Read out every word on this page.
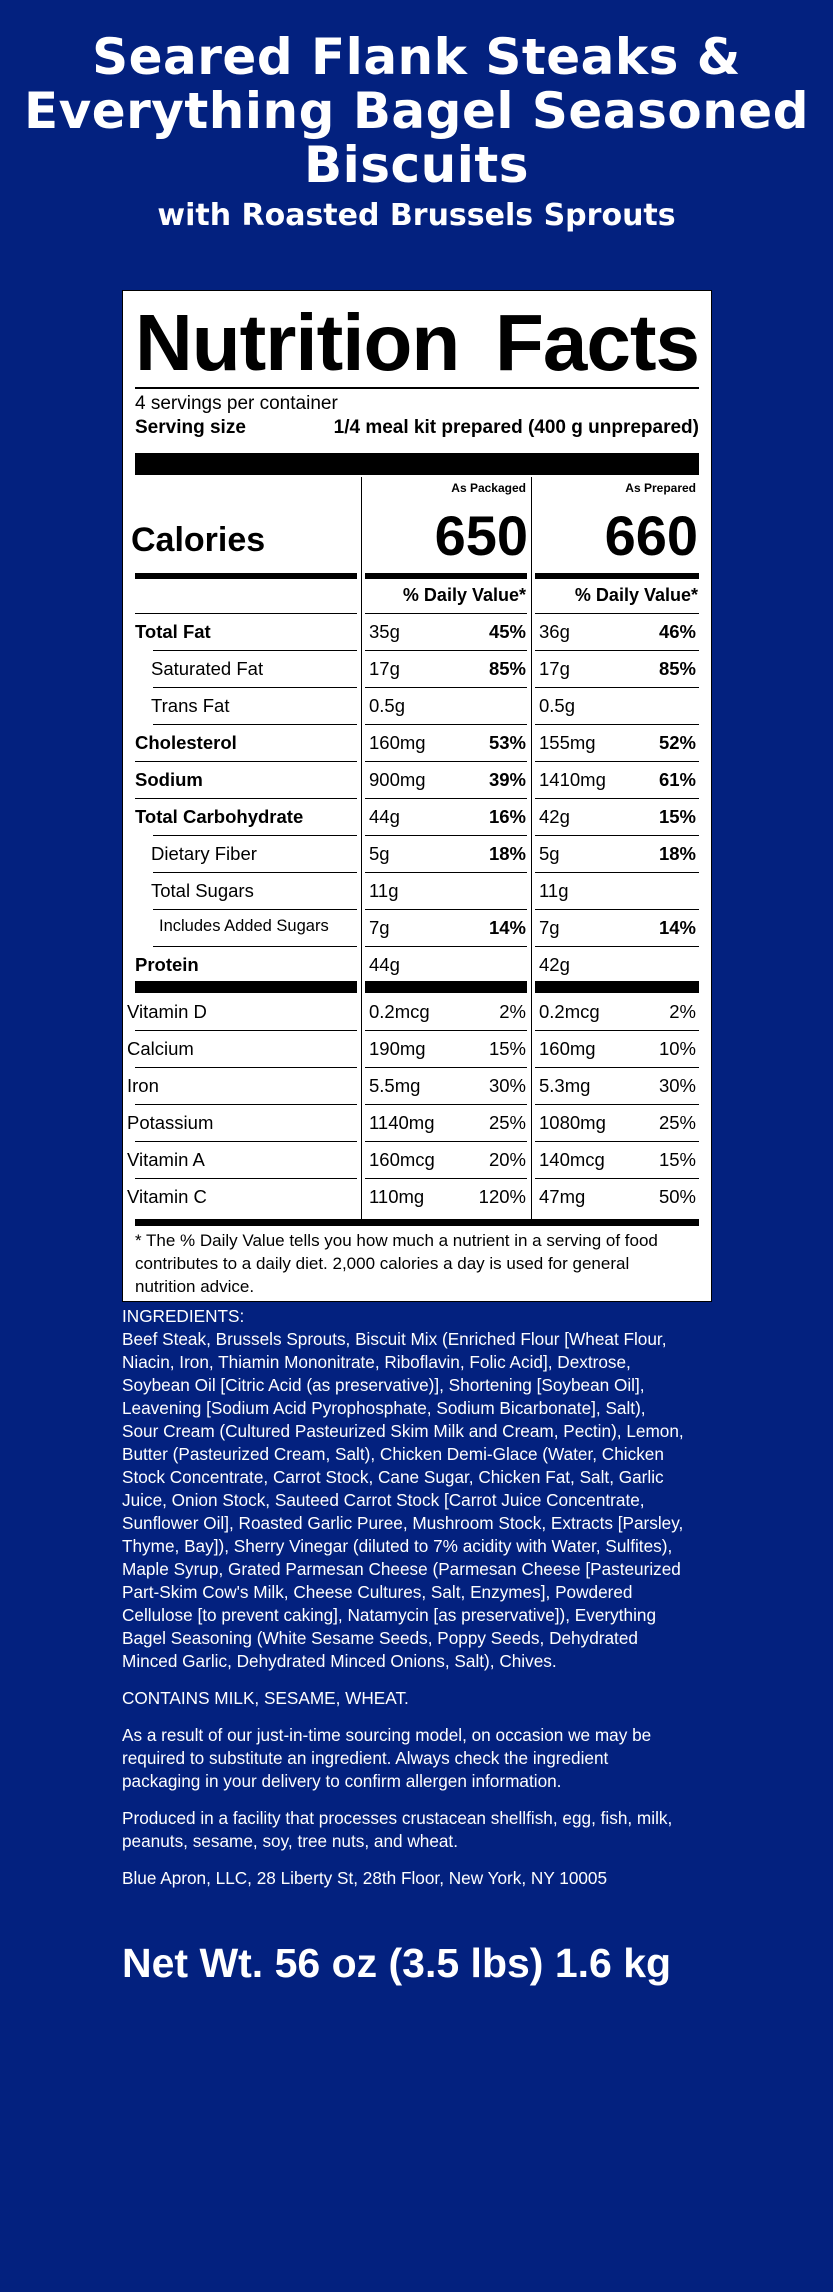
Seared Flank Steaks &
Everything Bagel Seasoned
Biscuits
with Roasted Brussels Sprouts
Nutrition Facts
4 servings per container
Serving size	1/4 meal kit prepared (400 g unprepared)
As Packaged	As Prepared
Calories	650	660
% Daily Value*	% Daily Value*
Total Fat	35g	45% 36g	46%
Saturated Fat	17g	85% 17g	85%
Trans Fat	0.5g	0.5g
Cholesterol	160mg	53% 155mg	52%
Sodium	900mg	39% 1410mg	61%
Total Carbohydrate	44g	16% 42g	15%
Dietary Fiber	5g	18% 5g	18%
Total Sugars	11g	11g
Includes Added Sugars 7g	14% 7g	14%
Protein	44g	42g
Vitamin D	0.2mcg	2% 0.2mcg	2%
Calcium	190mg	15% 160mg	10%
Iron	5.5mg	30% 5.3mg	30%
Potassium	1140mg	25% 1080mg	25%
Vitamin A	160mcg	20% 140mcg	15%
Vitamin C	110mg	120% 47mg	50%
* The % Daily Value tells you how much a nutrient in a serving of food
contributes to a daily diet. 2,000 calories a day is used for general
nutrition advice.
INGREDIENTS:

Beef Steak, Brussels Sprouts, Biscuit Mix (Enriched Flour [Wheat Flour,
Niacin, Iron, Thiamin Mononitrate, Riboflavin, Folic Acid], Dextrose,
Soybean Oil [Citric Acid (as preservative)], Shortening [Soybean Oil],
Leavening [Sodium Acid Pyrophosphate, Sodium Bicarbonate], Salt),
Sour Cream (Cultured Pasteurized Skim Milk and Cream, Pectin), Lemon,
Butter (Pasteurized Cream, Salt), Chicken Demi-Glace (Water, Chicken
Stock Concentrate, Carrot Stock, Cane Sugar, Chicken Fat, Salt, Garlic
Juice, Onion Stock, Sauteed Carrot Stock [Carrot Juice Concentrate,
Sunflower Oil], Roasted Garlic Puree, Mushroom Stock, Extracts [Parsley,
Thyme, Bay]), Sherry Vinegar (diluted to 7% acidity with Water, Sulfites),
Maple Syrup, Grated Parmesan Cheese (Parmesan Cheese [Pasteurized
Part-Skim Cow's Milk, Cheese Cultures, Salt, Enzymes], Powdered
Cellulose [to prevent caking], Natamycin [as preservative]), Everything
Bagel Seasoning (White Sesame Seeds, Poppy Seeds, Dehydrated
Minced Garlic, Dehydrated Minced Onions, Salt), Chives.

CONTAINS MILK, SESAME, WHEAT.

As a result of our just-in-time sourcing model, on occasion we may be
required to substitute an ingredient. Always check the ingredient
packaging in your delivery to confirm allergen information.

Produced in a facility that processes crustacean shellfish, egg, fish, milk,
peanuts, sesame, soy, tree nuts, and wheat.

Blue Apron, LLC, 28 Liberty St, 28th Floor, New York, NY 10005

Net Wt. 56 oz (3.5 lbs) 1.6 kg
